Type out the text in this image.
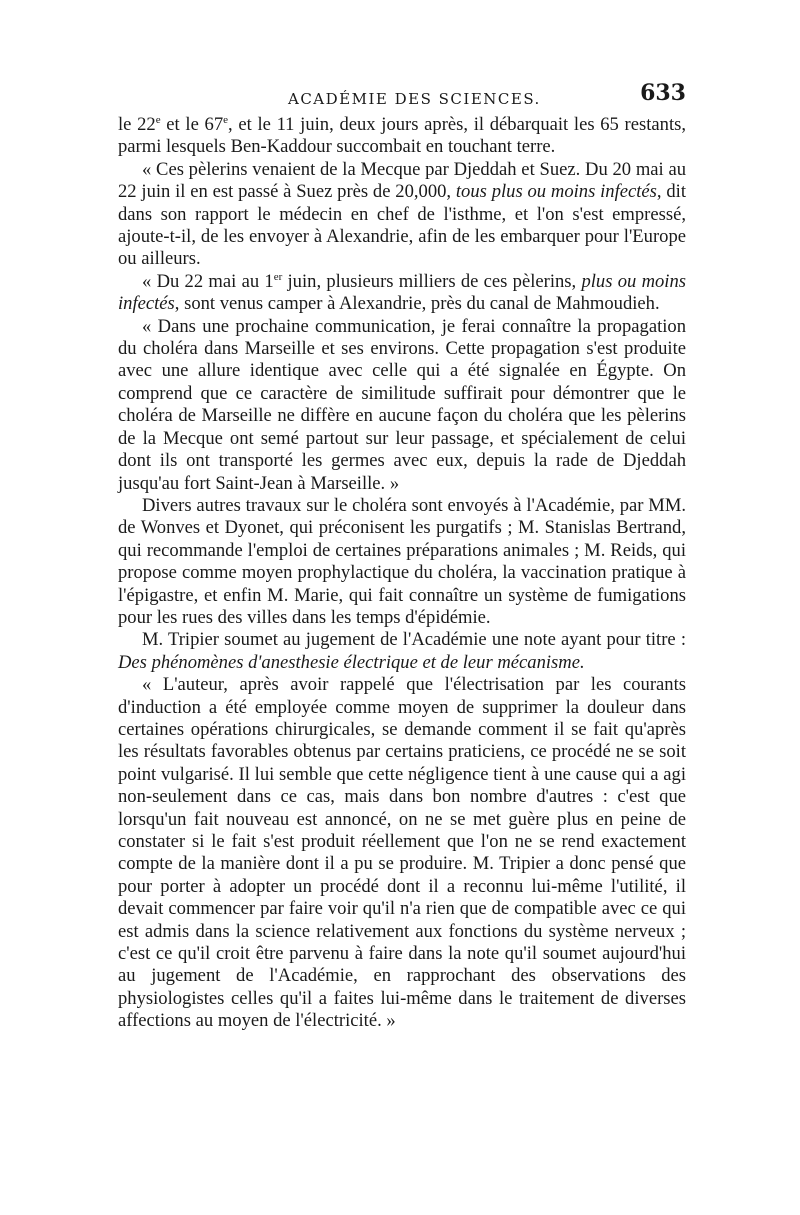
ACADÉMIE DES SCIENCES.	633

le 22e et le 67e, et le 11 juin, deux jours après, il débarquait les 65 restants, parmi lesquels Ben-Kaddour succombait en touchant terre.

« Ces pèlerins venaient de la Mecque par Djeddah et Suez. Du 20 mai au 22 juin il en est passé à Suez près de 20,000, tous plus ou moins infectés, dit dans son rapport le médecin en chef de l'isthme, et l'on s'est empressé, ajoute-t-il, de les envoyer à Alexandrie, afin de les embarquer pour l'Europe ou ailleurs.

« Du 22 mai au 1er juin, plusieurs milliers de ces pèlerins, plus ou moins infectés, sont venus camper à Alexandrie, près du canal de Mahmoudieh.

« Dans une prochaine communication, je ferai connaître la propagation du choléra dans Marseille et ses environs. Cette propagation s'est produite avec une allure identique avec celle qui a été signalée en Égypte. On comprend que ce caractère de similitude suffirait pour démontrer que le choléra de Marseille ne diffère en aucune façon du choléra que les pèlerins de la Mecque ont semé partout sur leur passage, et spécialement de celui dont ils ont transporté les germes avec eux, depuis la rade de Djeddah jusqu'au fort Saint-Jean à Marseille. »

Divers autres travaux sur le choléra sont envoyés à l'Académie, par MM. de Wonves et Dyonet, qui préconisent les purgatifs ; M. Stanislas Bertrand, qui recommande l'emploi de certaines préparations animales ; M. Reids, qui propose comme moyen prophylactique du choléra, la vaccination pratique à l'épigastre, et enfin M. Marie, qui fait connaître un système de fumigations pour les rues des villes dans les temps d'épidémie.

M. Tripier soumet au jugement de l'Académie une note ayant pour titre : Des phénomènes d'anesthesie électrique et de leur mécanisme.

« L'auteur, après avoir rappelé que l'électrisation par les courants d'induction a été employée comme moyen de supprimer la douleur dans certaines opérations chirurgicales, se demande comment il se fait qu'après les résultats favorables obtenus par certains praticiens, ce procédé ne se soit point vulgarisé. Il lui semble que cette négligence tient à une cause qui a agi non-seulement dans ce cas, mais dans bon nombre d'autres : c'est que lorsqu'un fait nouveau est annoncé, on ne se met guère plus en peine de constater si le fait s'est produit réellement que l'on ne se rend exactement compte de la manière dont il a pu se produire. M. Tripier a donc pensé que pour porter à adopter un procédé dont il a reconnu lui-même l'utilité, il devait commencer par faire voir qu'il n'a rien que de compatible avec ce qui est admis dans la science relativement aux fonctions du système nerveux ; c'est ce qu'il croit être parvenu à faire dans la note qu'il soumet aujourd'hui au jugement de l'Académie, en rapprochant des observations des physiologistes celles qu'il a faites lui-même dans le traitement de diverses affections au moyen de l'électricité. »
